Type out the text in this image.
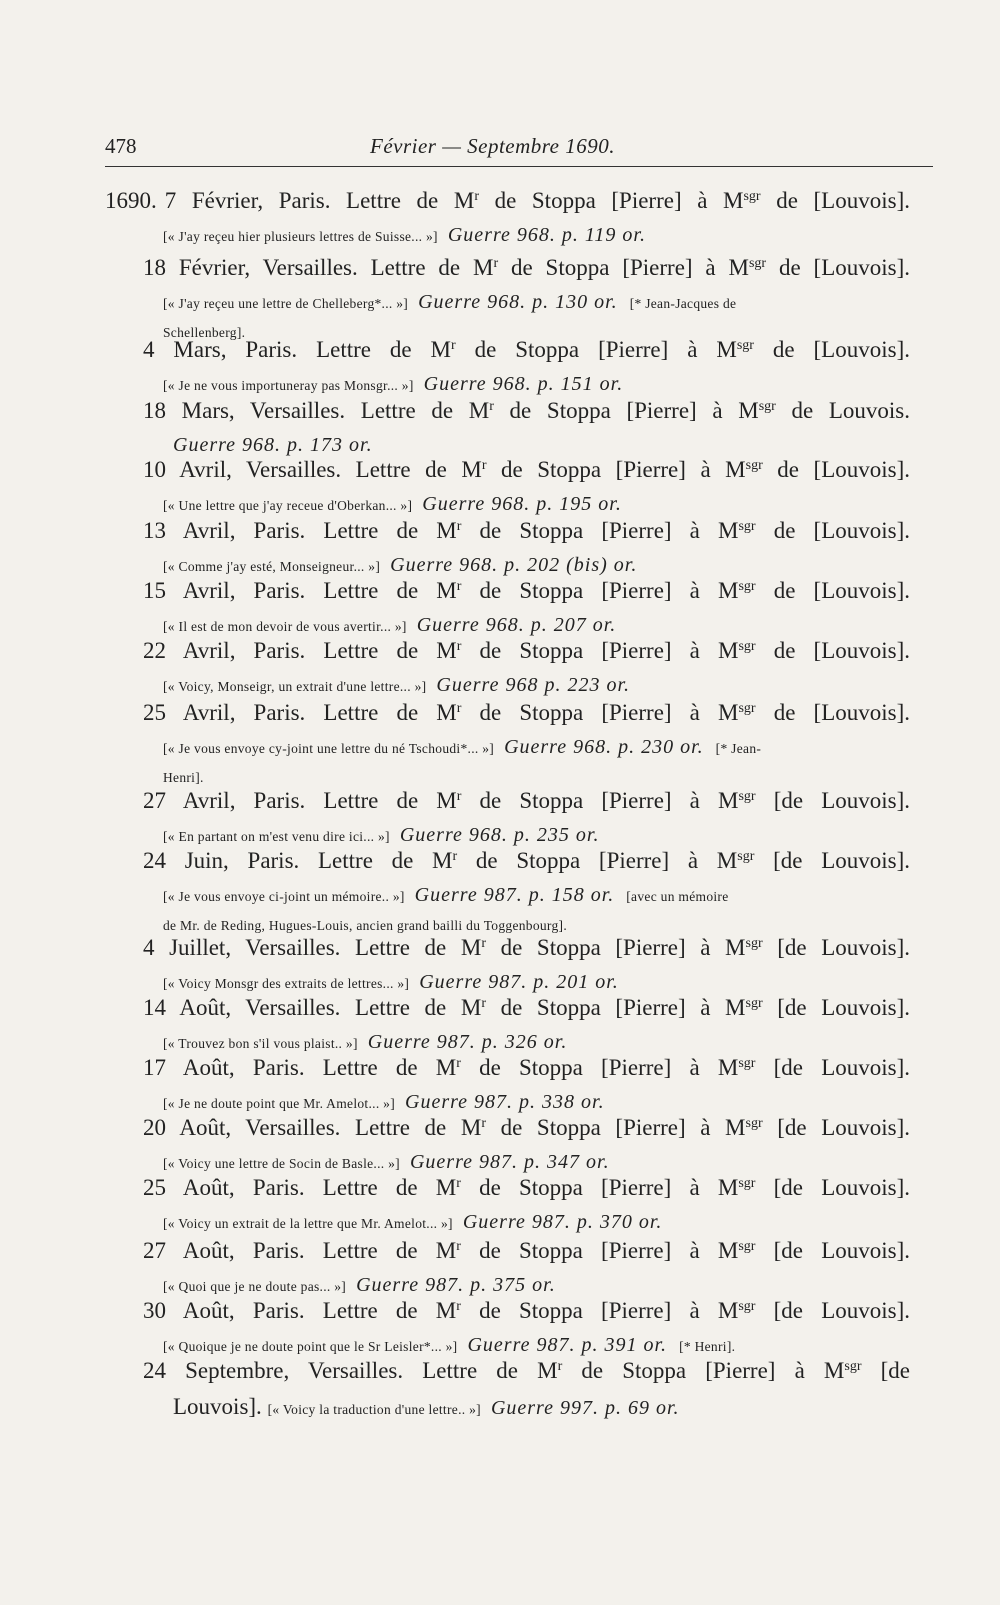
478	Février — Septembre 1690.
1690. 7 Février, Paris. Lettre de $M^r$ de Stoppa [Pierre] à $M^{sgr}$ de [Louvois].
[« J'ay reçeu hier plusieurs lettres de Suisse... »] Guerre 968. p. 119 or.
18 Février, Versailles. Lettre de $M^r$ de Stoppa [Pierre] à $M^{sgr}$ de [Louvois].
[« J'ay reçeu une lettre de Chelleberg*... »] Guerre 968. p. 130 or. [* Jean-Jacques de
Schellenberg].
4 Mars, Paris. Lettre de $M^r$ de Stoppa [Pierre] à $M^{sgr}$ de [Louvois].
[« Je ne vous importuneray pas Monsgr... »] Guerre 968. p. 151 or.
18 Mars, Versailles. Lettre de $M^r$ de Stoppa [Pierre] à $M^{sgr}$ de Louvois.
Guerre 968. p. 173 or.
10 Avril, Versailles. Lettre de $M^r$ de Stoppa [Pierre] à $M^{sgr}$ de [Louvois].
[« Une lettre que j'ay receue d'Oberkan... »] Guerre 968. p. 195 or.
13 Avril, Paris. Lettre de $M^r$ de Stoppa [Pierre] à $M^{sgr}$ de [Louvois].
[« Comme j'ay esté, Monseigneur... »] Guerre 968. p. 202 (bis) or.
15 Avril, Paris. Lettre de $M^r$ de Stoppa [Pierre] à $M^{sgr}$ de [Louvois].
[« Il est de mon devoir de vous avertir... »] Guerre 968. p. 207 or.
22 Avril, Paris. Lettre de $M^r$ de Stoppa [Pierre] à $M^{sgr}$ de [Louvois].
[« Voicy, Monseigr, un extrait d'une lettre... »] Guerre 968 p. 223 or.
25 Avril, Paris. Lettre de $M^r$ de Stoppa [Pierre] à $M^{sgr}$ de [Louvois].
[« Je vous envoye cy-joint une lettre du né Tschoudi*... »] Guerre 968. p. 230 or. [* Jean-
Henri].
27 Avril, Paris. Lettre de $M^r$ de Stoppa [Pierre] à $M^{sgr}$ [de Louvois].
[« En partant on m'est venu dire ici... »] Guerre 968. p. 235 or.
24 Juin, Paris. Lettre de $M^r$ de Stoppa [Pierre] à $M^{sgr}$ [de Louvois].
[« Je vous envoye ci-joint un mémoire.. »] Guerre 987. p. 158 or. [avec un mémoire
de Mr. de Reding, Hugues-Louis, ancien grand bailli du Toggenbourg].
4 Juillet, Versailles. Lettre de $M^r$ de Stoppa [Pierre] à $M^{sgr}$ [de Louvois].
[« Voicy Monsgr des extraits de lettres... »] Guerre 987. p. 201 or.
14 Août, Versailles. Lettre de $M^r$ de Stoppa [Pierre] à $M^{sgr}$ [de Louvois].
[« Trouvez bon s'il vous plaist.. »] Guerre 987. p. 326 or.
17 Août, Paris. Lettre de $M^r$ de Stoppa [Pierre] à $M^{sgr}$ [de Louvois].
[« Je ne doute point que Mr. Amelot... »] Guerre 987. p. 338 or.
20 Août, Versailles. Lettre de $M^r$ de Stoppa [Pierre] à $M^{sgr}$ [de Louvois].
[« Voicy une lettre de Socin de Basle... »] Guerre 987. p. 347 or.
25 Août, Paris. Lettre de $M^r$ de Stoppa [Pierre] à $M^{sgr}$ [de Louvois].
[« Voicy un extrait de la lettre que Mr. Amelot... »] Guerre 987. p. 370 or.
27 Août, Paris. Lettre de $M^r$ de Stoppa [Pierre] à $M^{sgr}$ [de Louvois].
[« Quoi que je ne doute pas... »] Guerre 987. p. 375 or.
30 Août, Paris. Lettre de $M^r$ de Stoppa [Pierre] à $M^{sgr}$ [de Louvois].
[« Quoique je ne doute point que le Sr Leisler*... »] Guerre 987. p. 391 or. [* Henri].
24 Septembre, Versailles. Lettre de $M^r$ de Stoppa [Pierre] à $M^{sgr}$ [de
Louvois]. [« Voicy la traduction d'une lettre.. »] Guerre 997. p. 69 or.
